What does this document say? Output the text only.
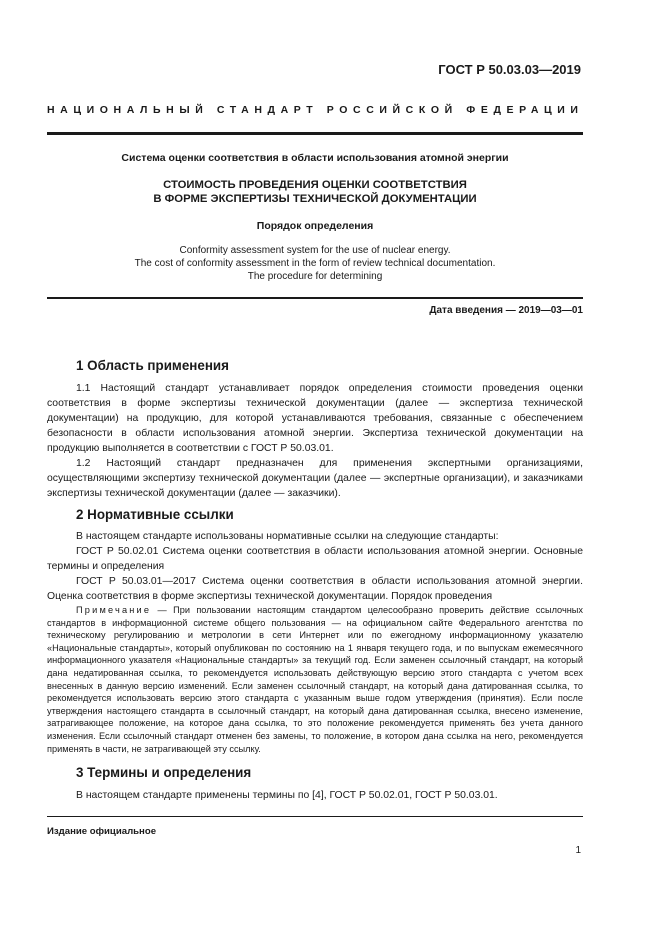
ГОСТ Р 50.03.03—2019
НАЦИОНАЛЬНЫЙ СТАНДАРТ РОССИЙСКОЙ ФЕДЕРАЦИИ
Система оценки соответствия в области использования атомной энергии
СТОИМОСТЬ ПРОВЕДЕНИЯ ОЦЕНКИ СООТВЕТСТВИЯ
В ФОРМЕ ЭКСПЕРТИЗЫ ТЕХНИЧЕСКОЙ ДОКУМЕНТАЦИИ
Порядок определения
Conformity assessment system for the use of nuclear energy.
The cost of conformity assessment in the form of review technical documentation.
The procedure for determining
Дата введения — 2019—03—01
1 Область применения

1.1 Настоящий стандарт устанавливает порядок определения стоимости проведения оценки соответствия в форме экспертизы технической документации (далее — экспертиза технической документации) на продукцию, для которой устанавливаются требования, связанные с обеспечением безопасности в области использования атомной энергии. Экспертиза технической документации на продукцию выполняется в соответствии с ГОСТ Р 50.03.01.

1.2 Настоящий стандарт предназначен для применения экспертными организациями, осуществляющими экспертизу технической документации (далее — экспертные организации), и заказчиками экспертизы технической документации (далее — заказчики).

2 Нормативные ссылки

В настоящем стандарте использованы нормативные ссылки на следующие стандарты:

ГОСТ Р 50.02.01 Система оценки соответствия в области использования атомной энергии. Основные термины и определения

ГОСТ Р 50.03.01—2017 Система оценки соответствия в области использования атомной энергии. Оценка соответствия в форме экспертизы технической документации. Порядок проведения

Примечание — При пользовании настоящим стандартом целесообразно проверить действие ссылочных стандартов в информационной системе общего пользования — на официальном сайте Федерального агентства по техническому регулированию и метрологии в сети Интернет или по ежегодному информационному указателю «Национальные стандарты», который опубликован по состоянию на 1 января текущего года, и по выпускам ежемесячного информационного указателя «Национальные стандарты» за текущий год. Если заменен ссылочный стандарт, на который дана недатированная ссылка, то рекомендуется использовать действующую версию этого стандарта с учетом всех внесенных в данную версию изменений. Если заменен ссылочный стандарт, на который дана датированная ссылка, то рекомендуется использовать версию этого стандарта с указанным выше годом утверждения (принятия). Если после утверждения настоящего стандарта в ссылочный стандарт, на который дана датированная ссылка, внесено изменение, затрагивающее положение, на которое дана ссылка, то это положение рекомендуется применять без учета данного изменения. Если ссылочный стандарт отменен без замены, то положение, в котором дана ссылка на него, рекомендуется применять в части, не затрагивающей эту ссылку.

3 Термины и определения

В настоящем стандарте применены термины по [4], ГОСТ Р 50.02.01, ГОСТ Р 50.03.01.

Издание официальное
1
